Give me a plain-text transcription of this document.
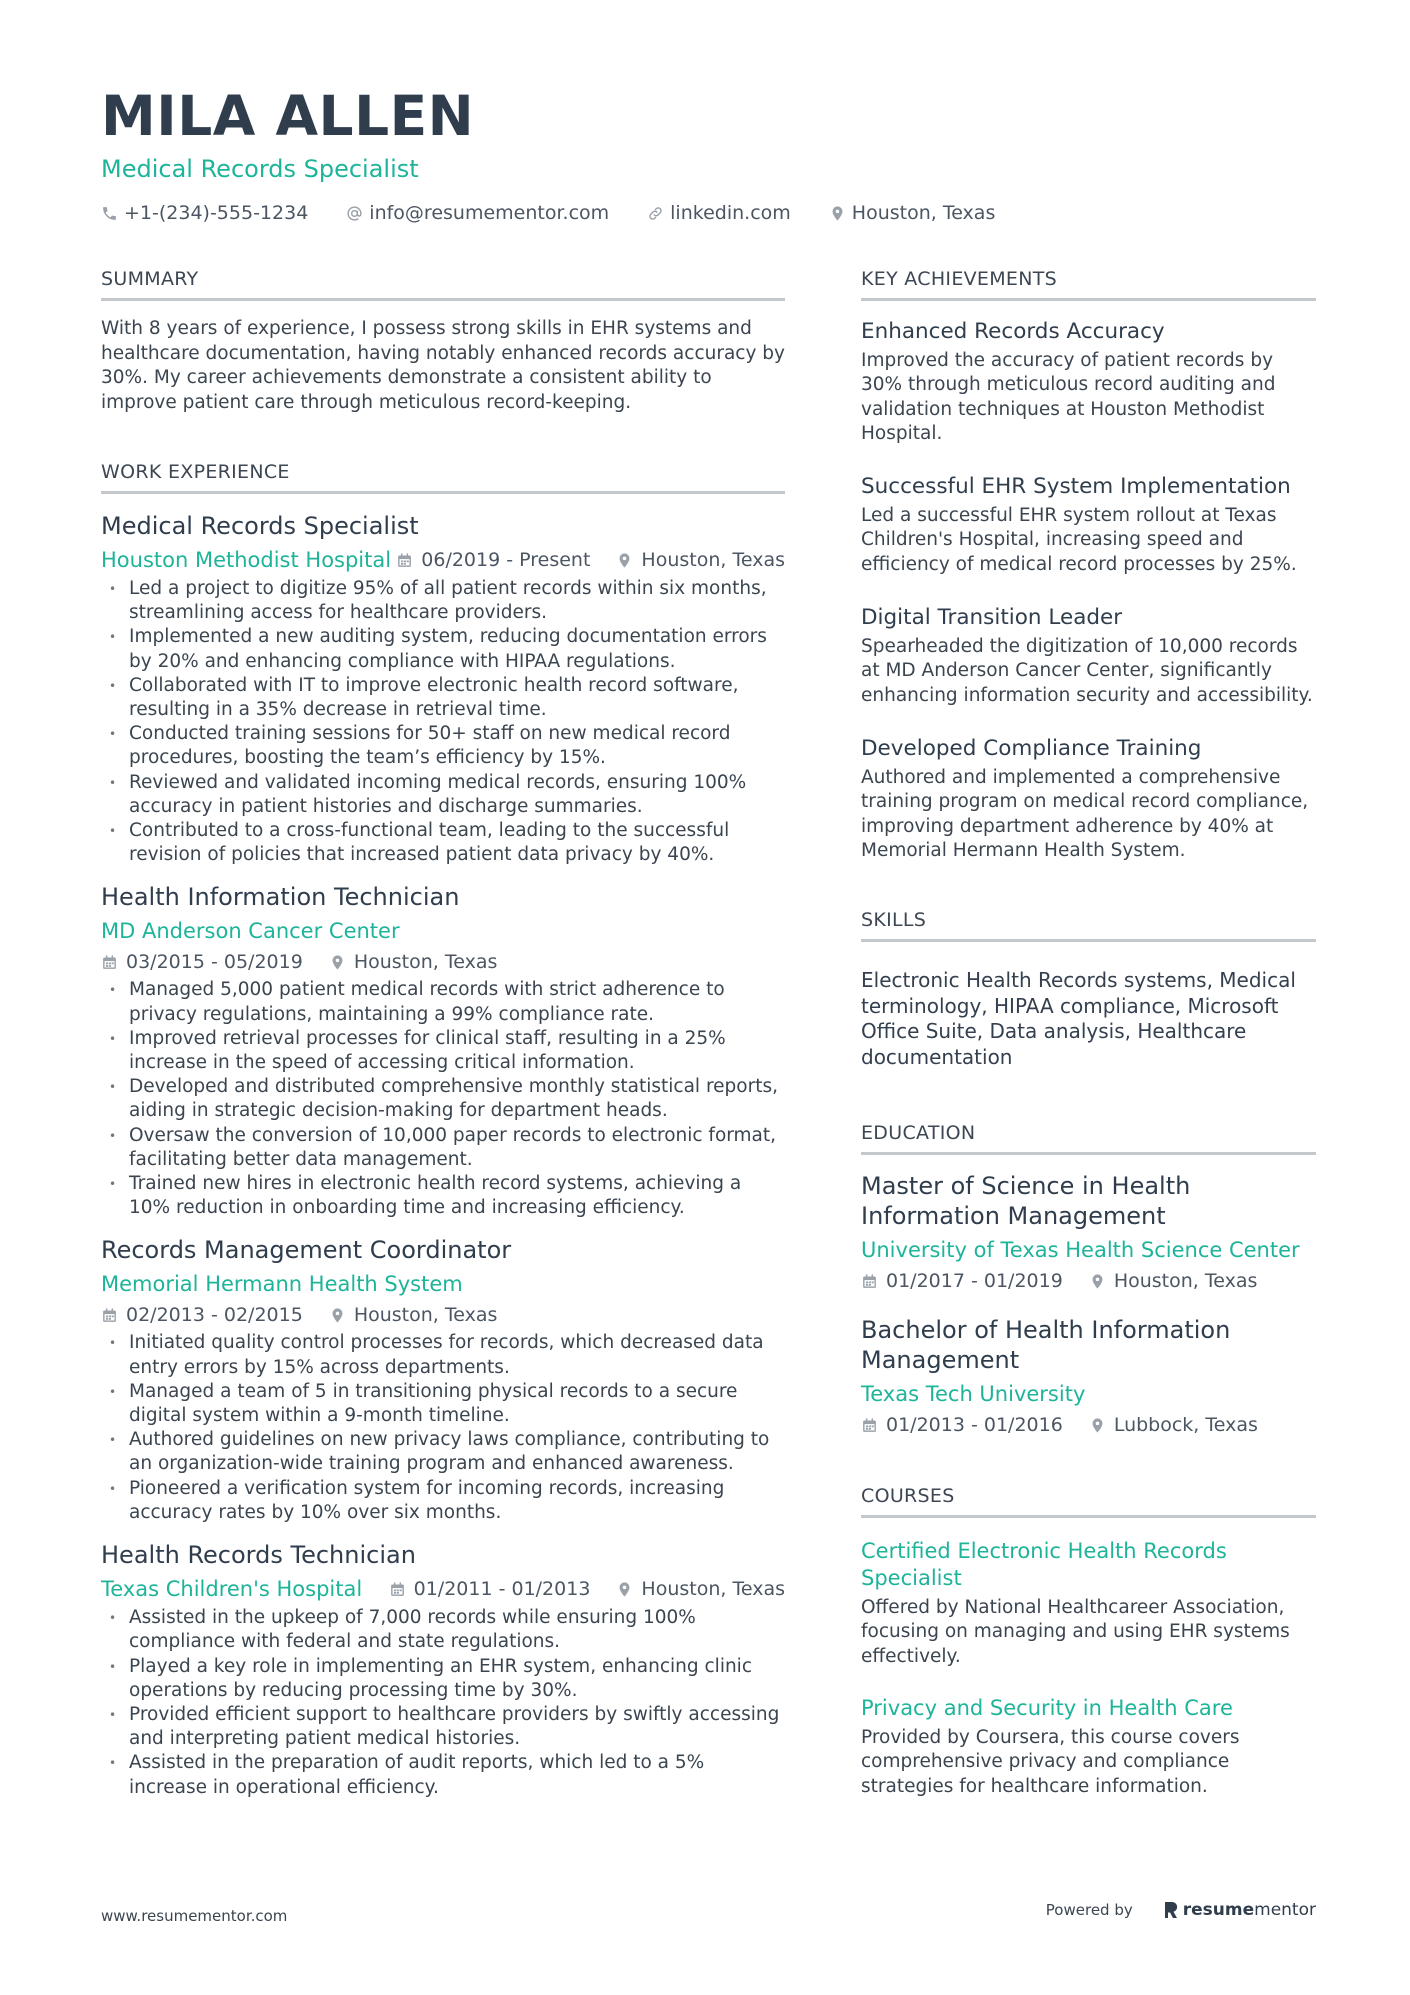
MILA ALLEN
Medical Records Specialist
+1-(234)-555-1234	info@resumementor.com	linkedin.com	Houston, Texas
SUMMARY
With 8 years of experience, I possess strong skills in EHR systems and healthcare documentation, having notably enhanced records accuracy by 30%. My career achievements demonstrate a consistent ability to improve patient care through meticulous record-keeping.
WORK EXPERIENCE
Medical Records Specialist
Houston Methodist Hospital 06/2019 - Present	Houston, Texas
• Led a project to digitize 95% of all patient records within six months, streamlining access for healthcare providers.
• Implemented a new auditing system, reducing documentation errors by 20% and enhancing compliance with HIPAA regulations.
• Collaborated with IT to improve electronic health record software, resulting in a 35% decrease in retrieval time.
• Conducted training sessions for 50+ staff on new medical record procedures, boosting the team’s efficiency by 15%.
• Reviewed and validated incoming medical records, ensuring 100% accuracy in patient histories and discharge summaries.
• Contributed to a cross-functional team, leading to the successful revision of policies that increased patient data privacy by 40%.
Health Information Technician
MD Anderson Cancer Center
03/2015 - 05/2019	Houston, Texas
• Managed 5,000 patient medical records with strict adherence to privacy regulations, maintaining a 99% compliance rate.
• Improved retrieval processes for clinical staff, resulting in a 25% increase in the speed of accessing critical information.
• Developed and distributed comprehensive monthly statistical reports, aiding in strategic decision-making for department heads.
• Oversaw the conversion of 10,000 paper records to electronic format, facilitating better data management.
• Trained new hires in electronic health record systems, achieving a 10% reduction in onboarding time and increasing efficiency.
Records Management Coordinator
Memorial Hermann Health System
02/2013 - 02/2015	Houston, Texas
• Initiated quality control processes for records, which decreased data entry errors by 15% across departments.
• Managed a team of 5 in transitioning physical records to a secure digital system within a 9-month timeline.
• Authored guidelines on new privacy laws compliance, contributing to an organization-wide training program and enhanced awareness.
• Pioneered a verification system for incoming records, increasing accuracy rates by 10% over six months.
Health Records Technician
Texas Children's Hospital	01/2011 - 01/2013	Houston, Texas
• Assisted in the upkeep of 7,000 records while ensuring 100% compliance with federal and state regulations.
• Played a key role in implementing an EHR system, enhancing clinic operations by reducing processing time by 30%.
• Provided efficient support to healthcare providers by swiftly accessing and interpreting patient medical histories.
• Assisted in the preparation of audit reports, which led to a 5% increase in operational efficiency.
KEY ACHIEVEMENTS
Enhanced Records Accuracy
Improved the accuracy of patient records by 30% through meticulous record auditing and validation techniques at Houston Methodist Hospital.
Successful EHR System Implementation
Led a successful EHR system rollout at Texas Children's Hospital, increasing speed and efficiency of medical record processes by 25%.
Digital Transition Leader
Spearheaded the digitization of 10,000 records at MD Anderson Cancer Center, significantly enhancing information security and accessibility.
Developed Compliance Training
Authored and implemented a comprehensive training program on medical record compliance, improving department adherence by 40% at Memorial Hermann Health System.
SKILLS
Electronic Health Records systems, Medical terminology, HIPAA compliance, Microsoft Office Suite, Data analysis, Healthcare documentation
EDUCATION
Master of Science in Health Information Management
University of Texas Health Science Center
01/2017 - 01/2019	Houston, Texas
Bachelor of Health Information Management
Texas Tech University
01/2013 - 01/2016	Lubbock, Texas
COURSES
Certified Electronic Health Records Specialist
Offered by National Healthcareer Association, focusing on managing and using EHR systems effectively.
Privacy and Security in Health Care
Provided by Coursera, this course covers comprehensive privacy and compliance strategies for healthcare information.
www.resumementor.com	Powered by	resume mentor
